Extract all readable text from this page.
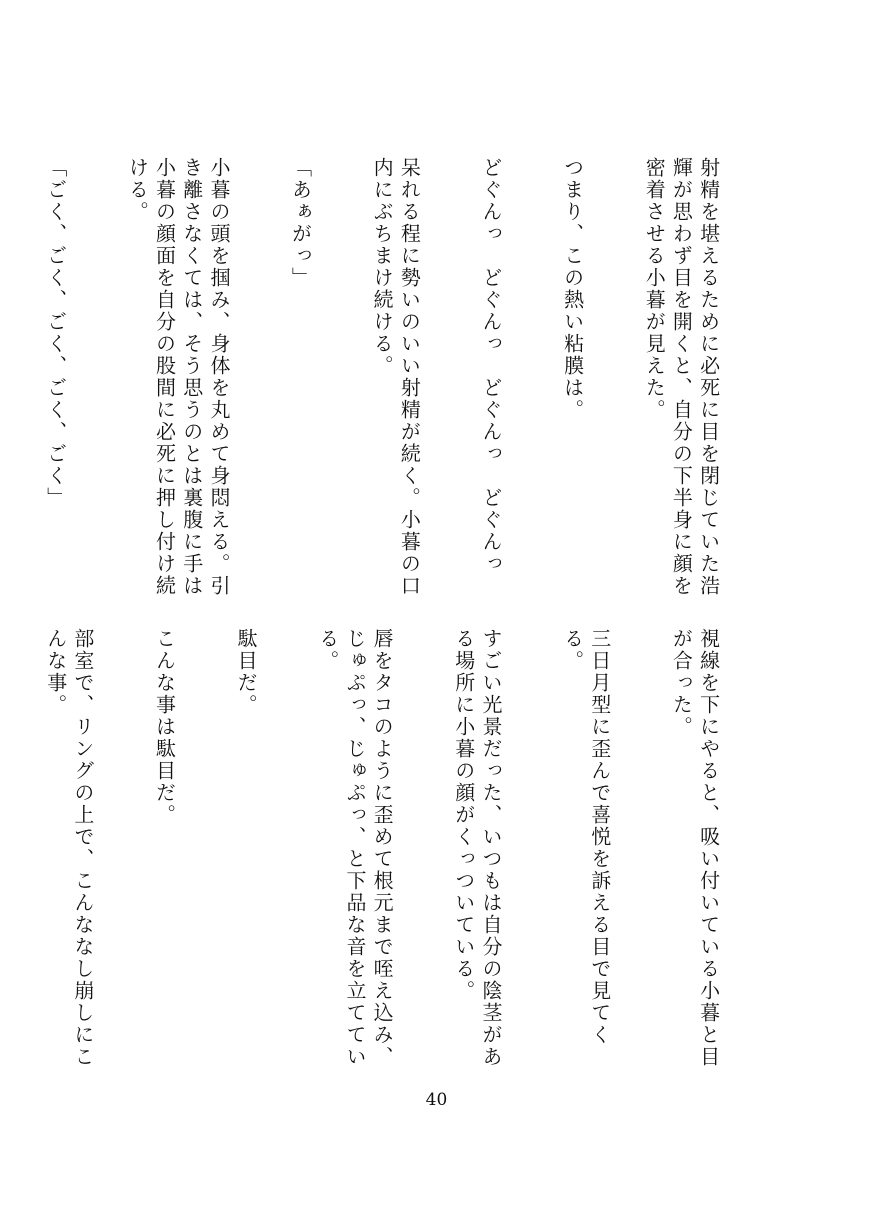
射精を堪えるために必死に目を閉じていた浩輝が思わず目を開くと、自分の下半身に顔を密着させる小暮が見えた。

つまり、この熱い粘膜は。

どぐんっ　どぐんっ　どぐんっ　どぐんっ

呆れる程に勢いのいい射精が続く。小暮の口内にぶちまけ続ける。

「あぁがっ」

小暮の頭を掴み、身体を丸めて身悶える。引き離さなくては、そう思うのとは裏腹に手は小暮の顔面を自分の股間に必死に押し付け続ける。

「ごく、ごく、ごく、ごく、ごく」

視線を下にやると、吸い付いている小暮と目が合った。

三日月型に歪んで喜悦を訴える目で見てくる。

すごい光景だった、いつもは自分の陰茎がある場所に小暮の顔がくっついている。

唇をタコのように歪めて根元まで咥え込み、じゅぷっ、じゅぷっ、と下品な音を立てている。

駄目だ。

こんな事は駄目だ。

部室で、リングの上で、こんななし崩しにこんな事。

40
